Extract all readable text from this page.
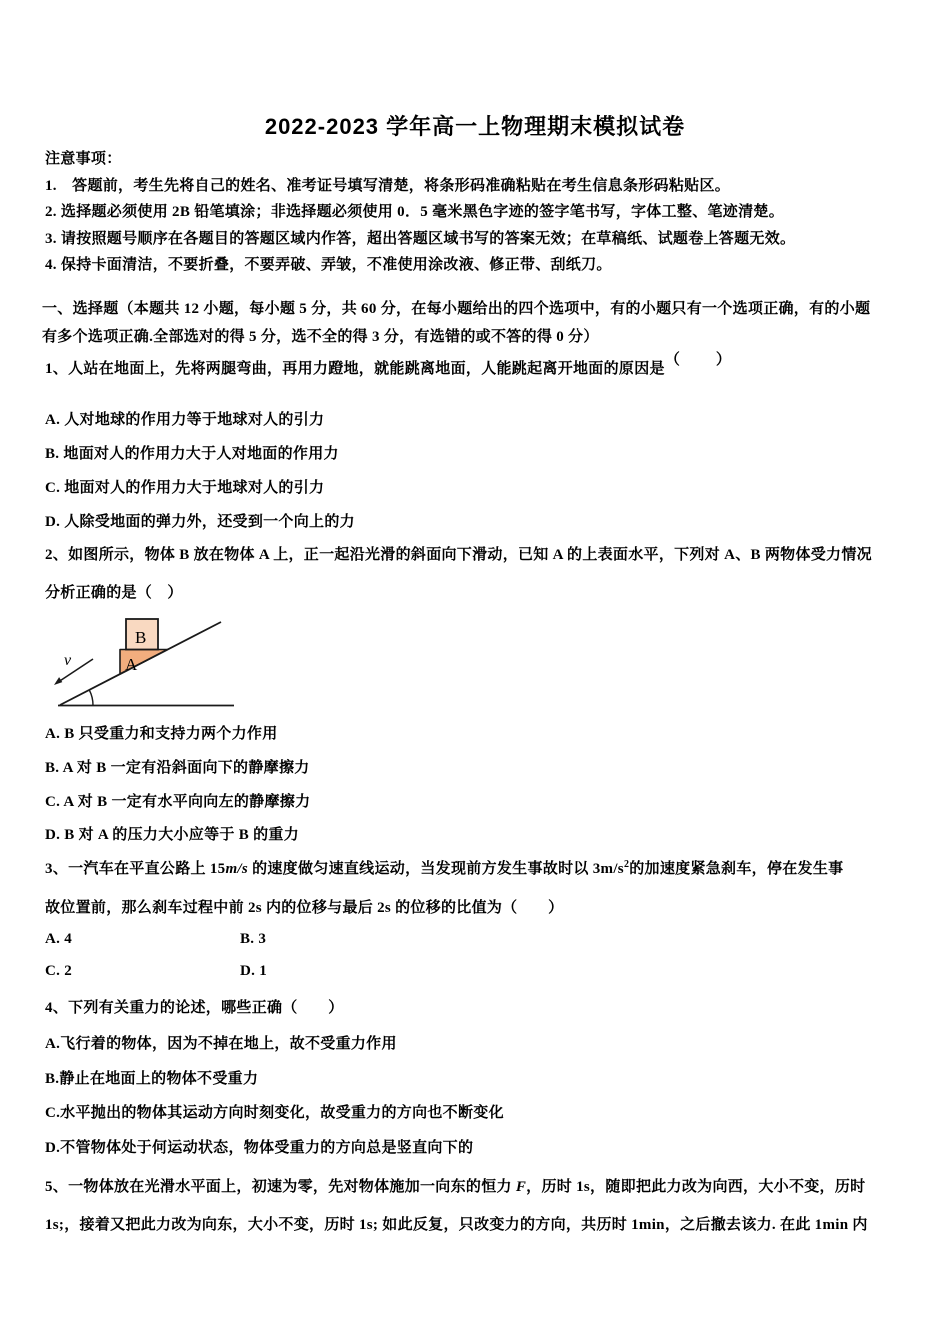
2022-2023 学年高一上物理期末模拟试卷
注意事项：
1.　答题前，考生先将自己的姓名、准考证号填写清楚，将条形码准确粘贴在考生信息条形码粘贴区。
2. 选择题必须使用 2B 铅笔填涂；非选择题必须使用 0．5 毫米黑色字迹的签字笔书写，字体工整、笔迹清楚。
3. 请按照题号顺序在各题目的答题区域内作答，超出答题区域书写的答案无效；在草稿纸、试题卷上答题无效。
4. 保持卡面清洁，不要折叠，不要弄破、弄皱，不准使用涂改液、修正带、刮纸刀。
一、选择题（本题共 12 小题，每小题 5 分，共 60 分，在每小题给出的四个选项中，有的小题只有一个选项正确，有的小题
有多个选项正确.全部选对的得 5 分，选不全的得 3 分，有选错的或不答的得 0 分）
1、人站在地面上，先将两腿弯曲，再用力蹬地，就能跳离地面，人能跳起离开地面的原因是（　　）
A. 人对地球的作用力等于地球对人的引力
B. 地面对人的作用力大于人对地面的作用力
C. 地面对人的作用力大于地球对人的引力
D. 人除受地面的弹力外，还受到一个向上的力
2、如图所示，物体 B 放在物体 A 上，正一起沿光滑的斜面向下滑动，已知 A 的上表面水平，下列对 A、B 两物体受力情况
分析正确的是（　）
A
B
v
A. B 只受重力和支持力两个力作用
B. A 对 B 一定有沿斜面向下的静摩擦力
C. A 对 B 一定有水平向向左的静摩擦力
D. B 对 A 的压力大小应等于 B 的重力
3、一汽车在平直公路上 15m/s 的速度做匀速直线运动，当发现前方发生事故时以 $3m/s^2$的加速度紧急刹车，停在发生事
故位置前，那么刹车过程中前 2s 内的位移与最后 2s 的位移的比值为（　　）
A. 4	B. 3
C. 2	D. 1
4、下列有关重力的论述，哪些正确（　　）
A.飞行着的物体，因为不掉在地上，故不受重力作用
B.静止在地面上的物体不受重力
C.水平抛出的物体其运动方向时刻变化，故受重力的方向也不断变化
D.不管物体处于何运动状态，物体受重力的方向总是竖直向下的
5、一物体放在光滑水平面上，初速为零，先对物体施加一向东的恒力 F，历时 1s，随即把此力改为向西，大小不变，历时
1s;，接着又把此力改为向东，大小不变，历时 1s; 如此反复，只改变力的方向，共历时 1min，之后撤去该力. 在此 1min 内
